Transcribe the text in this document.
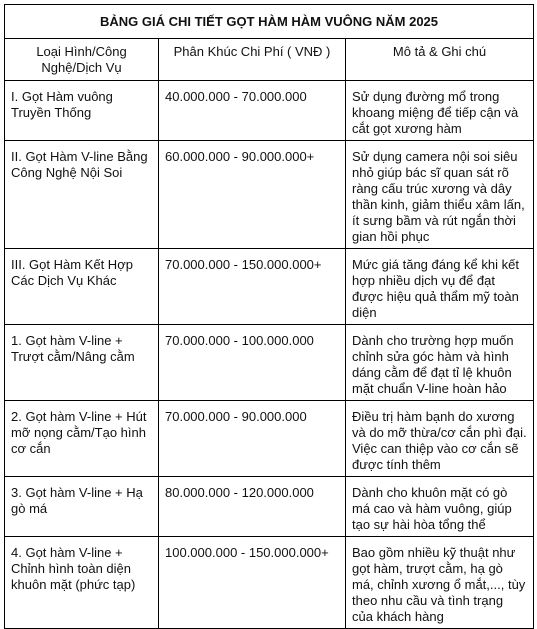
BẢNG GIÁ CHI TIẾT GỌT HÀM HÀM VUÔNG NĂM 2025		
Loại Hình/Công Nghệ/Dịch Vụ	Phân Khúc Chi Phí ( VNĐ )	Mô tả & Ghi chú
I. Gọt Hàm vuông Truyền Thống	40.000.000 - 70.000.000	Sử dụng đường mổ trong khoang miệng để tiếp cận và cắt gọt xương hàm
II. Gọt Hàm V-line Bằng Công Nghệ Nội Soi	60.000.000 - 90.000.000+	Sử dụng camera nội soi siêu nhỏ giúp bác sĩ quan sát rõ ràng cấu trúc xương và dây thần kinh, giảm thiểu xâm lấn, ít sưng bầm và rút ngắn thời gian hồi phục
III. Gọt Hàm Kết Hợp Các Dịch Vụ Khác	70.000.000 - 150.000.000+	Mức giá tăng đáng kể khi kết hợp nhiều dịch vụ để đạt được hiệu quả thẩm mỹ toàn diện
1. Gọt hàm V-line + Trượt cằm/Nâng cằm	70.000.000 - 100.000.000	Dành cho trường hợp muốn chỉnh sửa góc hàm và hình dáng cằm để đạt tỉ lệ khuôn mặt chuẩn V-line hoàn hảo
2. Gọt hàm V-line + Hút mỡ nọng cằm/Tạo hình cơ cắn	70.000.000 - 90.000.000	Điều trị hàm bạnh do xương và do mỡ thừa/cơ cắn phì đại. Việc can thiệp vào cơ cắn sẽ được tính thêm
3. Gọt hàm V-line + Hạ gò má	80.000.000 - 120.000.000	Dành cho khuôn mặt có gò má cao và hàm vuông, giúp tạo sự hài hòa tổng thể
4. Gọt hàm V-line + Chỉnh hình toàn diện khuôn mặt (phức tạp)	100.000.000 - 150.000.000+	Bao gồm nhiều kỹ thuật như gọt hàm, trượt cằm, hạ gò má, chỉnh xương ổ mắt,..., tùy theo nhu cầu và tình trạng của khách hàng
